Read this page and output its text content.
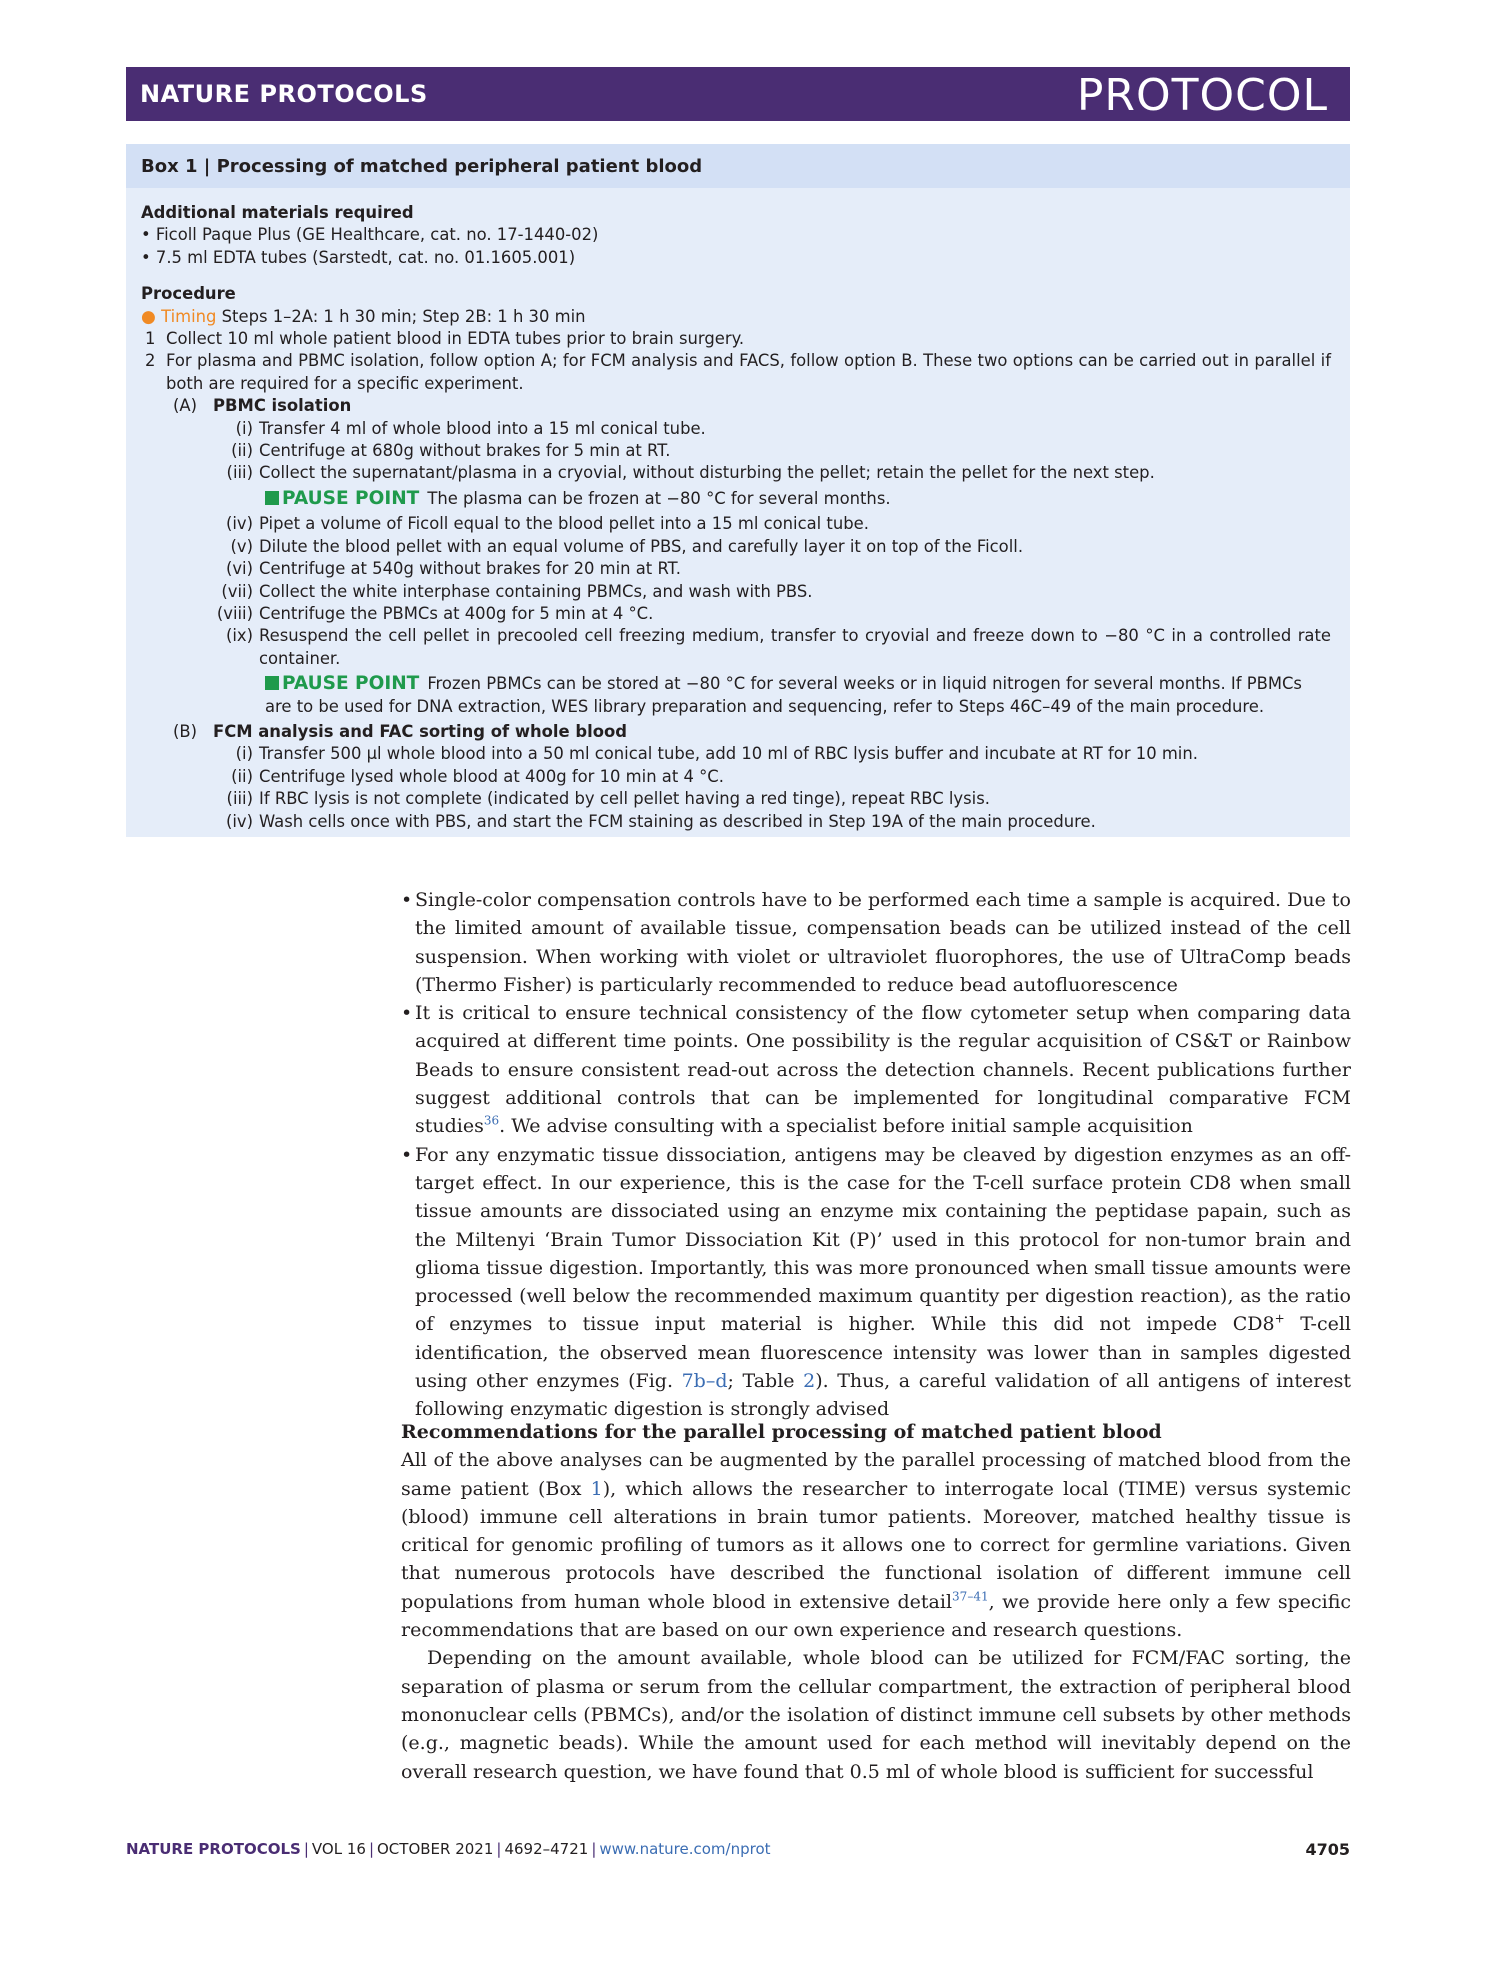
NATURE PROTOCOLS	PROTOCOL
Box 1 | Processing of matched peripheral patient blood

Additional materials required

• Ficoll Paque Plus (GE Healthcare, cat. no. 17-1440-02)

• 7.5 ml EDTA tubes (Sarstedt, cat. no. 01.1605.001)

Procedure

● Timing Steps 1–2A: 1 h 30 min; Step 2B: 1 h 30 min

1 Collect 10 ml whole patient blood in EDTA tubes prior to brain surgery.
2 For plasma and PBMC isolation, follow option A; for FCM analysis and FACS, follow option B. These two options can be carried out in parallel if both are required for a specific experiment.
(A) PBMC isolation
(i) Transfer 4 ml of whole blood into a 15 ml conical tube.
(ii) Centrifuge at 680g without brakes for 5 min at RT.
(iii) Collect the supernatant/plasma in a cryovial, without disturbing the pellet; retain the pellet for the next step.
PAUSE POINT The plasma can be frozen at −80 °C for several months.
(iv) Pipet a volume of Ficoll equal to the blood pellet into a 15 ml conical tube.
(v) Dilute the blood pellet with an equal volume of PBS, and carefully layer it on top of the Ficoll.
(vi) Centrifuge at 540g without brakes for 20 min at RT.
(vii) Collect the white interphase containing PBMCs, and wash with PBS.
(viii) Centrifuge the PBMCs at 400g for 5 min at 4 °C.
(ix) Resuspend the cell pellet in precooled cell freezing medium, transfer to cryovial and freeze down to −80 °C in a controlled rate container.
PAUSE POINT Frozen PBMCs can be stored at −80 °C for several weeks or in liquid nitrogen for several months. If PBMCs are to be used for DNA extraction, WES library preparation and sequencing, refer to Steps 46C–49 of the main procedure.
(B) FCM analysis and FAC sorting of whole blood
(i) Transfer 500 µl whole blood into a 50 ml conical tube, add 10 ml of RBC lysis buffer and incubate at RT for 10 min.
(ii) Centrifuge lysed whole blood at 400g for 10 min at 4 °C.
(iii) If RBC lysis is not complete (indicated by cell pellet having a red tinge), repeat RBC lysis.
(iv) Wash cells once with PBS, and start the FCM staining as described in Step 19A of the main procedure.

• Single-color compensation controls have to be performed each time a sample is acquired. Due to the limited amount of available tissue, compensation beads can be utilized instead of the cell suspension. When working with violet or ultraviolet fluorophores, the use of UltraComp beads (Thermo Fisher) is particularly recommended to reduce bead autofluorescence

• It is critical to ensure technical consistency of the flow cytometer setup when comparing data acquired at different time points. One possibility is the regular acquisition of CS&T or Rainbow Beads to ensure consistent read-out across the detection channels. Recent publications further suggest additional controls that can be implemented for longitudinal comparative FCM studies$^{36}$. We advise consulting with a specialist before initial sample acquisition

• For any enzymatic tissue dissociation, antigens may be cleaved by digestion enzymes as an off-target effect. In our experience, this is the case for the T-cell surface protein CD8 when small tissue amounts are dissociated using an enzyme mix containing the peptidase papain, such as the Miltenyi ‘Brain Tumor Dissociation Kit (P)’ used in this protocol for non-tumor brain and glioma tissue digestion. Importantly, this was more pronounced when small tissue amounts were processed (well below the recommended maximum quantity per digestion reaction), as the ratio of enzymes to tissue input material is higher. While this did not impede CD8+ T-cell identification, the observed mean fluorescence intensity was lower than in samples digested using other enzymes (Fig. 7b–d; Table 2). Thus, a careful validation of all antigens of interest following enzymatic digestion is strongly advised

Recommendations for the parallel processing of matched patient blood

All of the above analyses can be augmented by the parallel processing of matched blood from the same patient (Box 1), which allows the researcher to interrogate local (TIME) versus systemic (blood) immune cell alterations in brain tumor patients. Moreover, matched healthy tissue is critical for genomic profiling of tumors as it allows one to correct for germline variations. Given that numerous protocols have described the functional isolation of different immune cell populations from human whole blood in extensive detail$^{37-41}$, we provide here only a few specific recommendations that are based on our own experience and research questions.

Depending on the amount available, whole blood can be utilized for FCM/FAC sorting, the separation of plasma or serum from the cellular compartment, the extraction of peripheral blood mononuclear cells (PBMCs), and/or the isolation of distinct immune cell subsets by other methods (e.g., magnetic beads). While the amount used for each method will inevitably depend on the overall research question, we have found that 0.5 ml of whole blood is sufficient for successful

NATURE PROTOCOLS | VOL 16 | OCTOBER 2021 | 4692–4721 | www.nature.com/nprot	4705
